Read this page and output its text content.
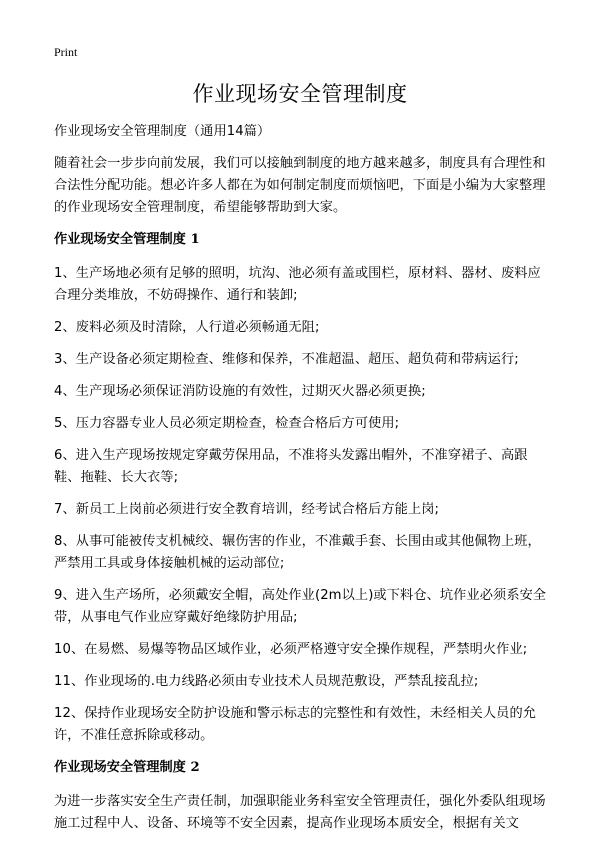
Print
作业现场安全管理制度

作业现场安全管理制度（通用14篇）

随着社会一步步向前发展，我们可以接触到制度的地方越来越多，制度具有合理性和合法性分配功能。想必许多人都在为如何制定制度而烦恼吧，下面是小编为大家整理的作业现场安全管理制度，希望能够帮助到大家。

作业现场安全管理制度 1

1、生产场地必须有足够的照明，坑沟、池必须有盖或围栏，原材料、器材、废料应合理分类堆放，不妨碍操作、通行和装卸;

2、废料必须及时清除，人行道必须畅通无阻;

3、生产设备必须定期检查、维修和保养，不准超温、超压、超负荷和带病运行;

4、生产现场必须保证消防设施的有效性，过期灭火器必须更换;

5、压力容器专业人员必须定期检查，检查合格后方可使用;

6、进入生产现场按规定穿戴劳保用品，不准将头发露出帽外，不准穿裙子、高跟鞋、拖鞋、长大衣等;

7、新员工上岗前必须进行安全教育培训，经考试合格后方能上岗;

8、从事可能被传支机械绞、辗伤害的作业，不准戴手套、长围由或其他佩物上班，严禁用工具或身体接触机械的运动部位;

9、进入生产场所，必须戴安全帽，高处作业(2m以上)或下料仓、坑作业必须系安全带，从事电气作业应穿戴好绝缘防护用品;

10、在易燃、易爆等物品区域作业，必须严格遵守安全操作规程，严禁明火作业;

11、作业现场的.电力线路必须由专业技术人员规范敷设，严禁乱接乱拉;

12、保持作业现场安全防护设施和警示标志的完整性和有效性，未经相关人员的允许，不准任意拆除或移动。

作业现场安全管理制度 2

为进一步落实安全生产责任制，加强职能业务科室安全管理责任，强化外委队组现场施工过程中人、设备、环境等不安全因素，提高作业现场本质安全，根据有关文
